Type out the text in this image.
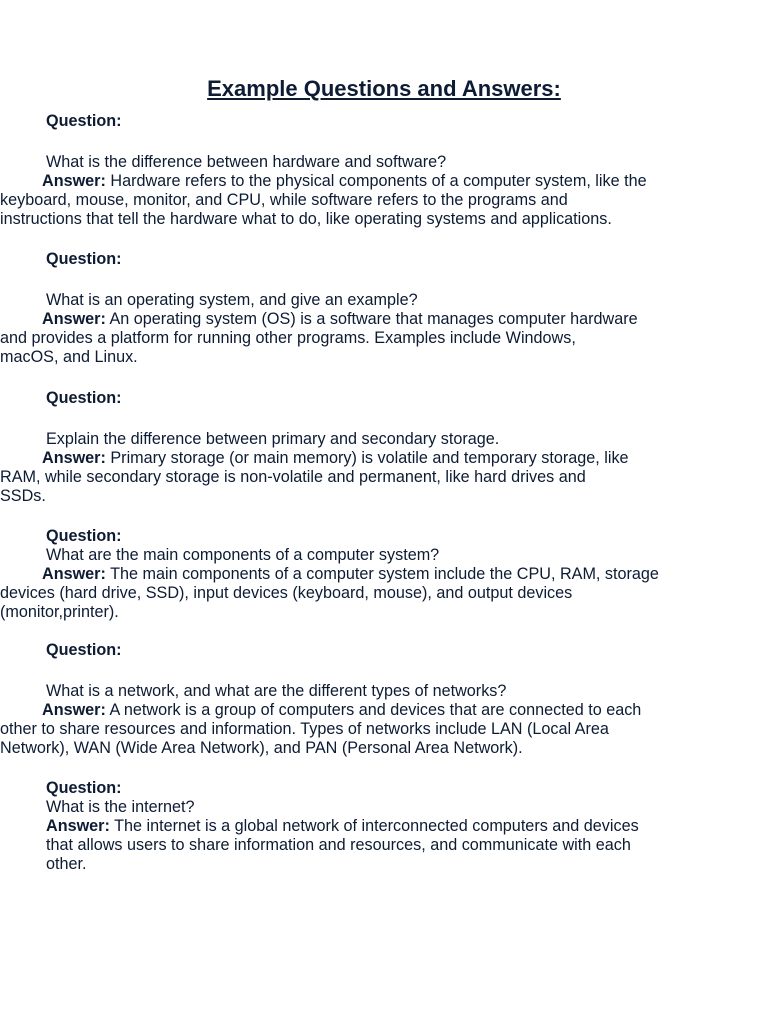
Example Questions and Answers:
Question:
What is the difference between hardware and software?
Answer: Hardware refers to the physical components of a computer system, like the
keyboard, mouse, monitor, and CPU, while software refers to the programs and
instructions that tell the hardware what to do, like operating systems and applications.
Question:
What is an operating system, and give an example?
Answer: An operating system (OS) is a software that manages computer hardware
and provides a platform for running other programs. Examples include Windows,
macOS, and Linux.
Question:
Explain the difference between primary and secondary storage.
Answer: Primary storage (or main memory) is volatile and temporary storage, like
RAM, while secondary storage is non-volatile and permanent, like hard drives and
SSDs.
Question:
What are the main components of a computer system?
Answer: The main components of a computer system include the CPU, RAM, storage
devices (hard drive, SSD), input devices (keyboard, mouse), and output devices
(monitor,printer).
Question:
What is a network, and what are the different types of networks?
Answer: A network is a group of computers and devices that are connected to each
other to share resources and information. Types of networks include LAN (Local Area
Network), WAN (Wide Area Network), and PAN (Personal Area Network).
Question:
What is the internet?
Answer: The internet is a global network of interconnected computers and devices
that allows users to share information and resources, and communicate with each
other.
